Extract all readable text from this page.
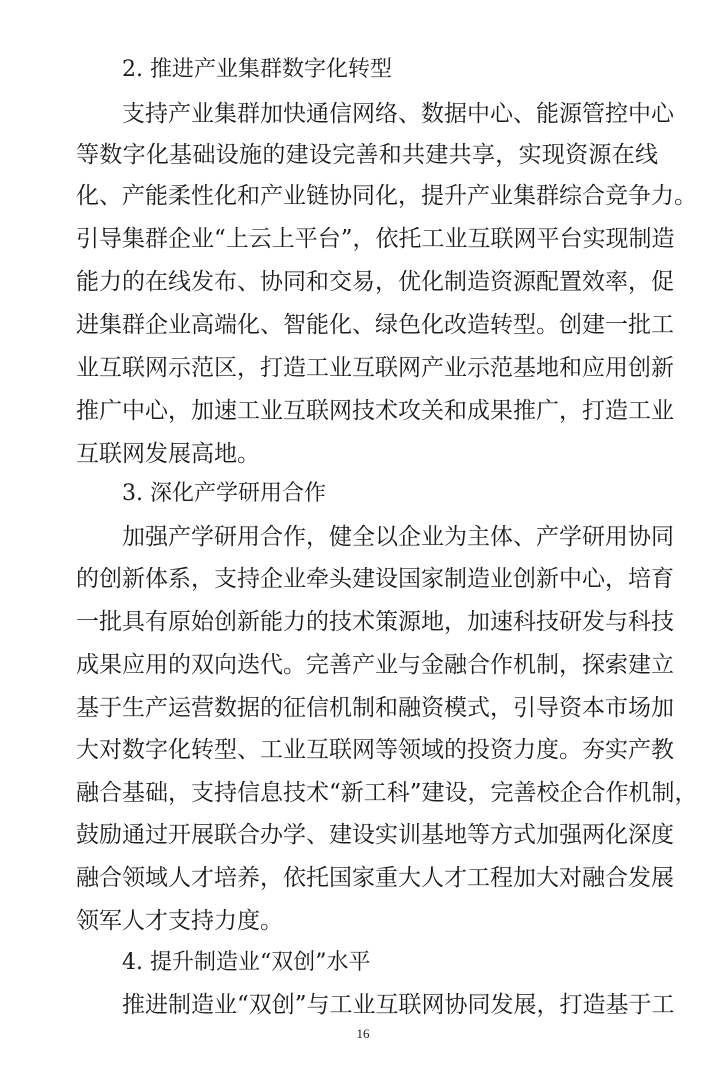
2. 推进产业集群数字化转型
支持产业集群加快通信网络、数据中心、能源管控中心
等数字化基础设施的建设完善和共建共享，实现资源在线
化、产能柔性化和产业链协同化，提升产业集群综合竞争力。
引导集群企业“上云上平台”，依托工业互联网平台实现制造
能力的在线发布、协同和交易，优化制造资源配置效率，促
进集群企业高端化、智能化、绿色化改造转型。创建一批工
业互联网示范区，打造工业互联网产业示范基地和应用创新
推广中心，加速工业互联网技术攻关和成果推广，打造工业
互联网发展高地。
3. 深化产学研用合作
加强产学研用合作，健全以企业为主体、产学研用协同
的创新体系，支持企业牵头建设国家制造业创新中心，培育
一批具有原始创新能力的技术策源地，加速科技研发与科技
成果应用的双向迭代。完善产业与金融合作机制，探索建立
基于生产运营数据的征信机制和融资模式，引导资本市场加
大对数字化转型、工业互联网等领域的投资力度。夯实产教
融合基础，支持信息技术“新工科”建设，完善校企合作机制，
鼓励通过开展联合办学、建设实训基地等方式加强两化深度
融合领域人才培养，依托国家重大人才工程加大对融合发展
领军人才支持力度。
4. 提升制造业“双创”水平
推进制造业“双创”与工业互联网协同发展，打造基于工
16
